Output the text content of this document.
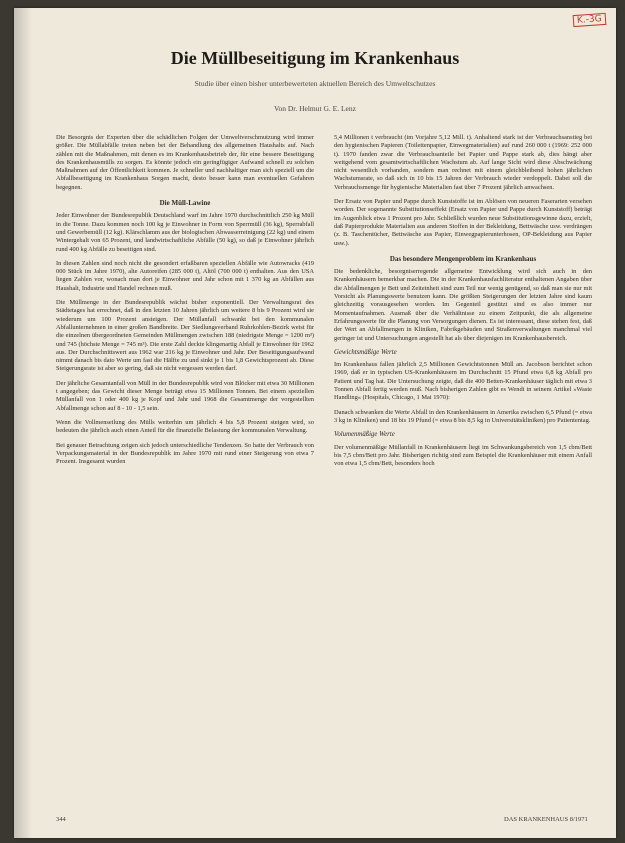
K.-3G
Die Müllbeseitigung im Krankenhaus
Studie über einen bisher unterbewerteten aktuellen Bereich des Umweltschutzes
Von Dr. Helmut G. E. Lenz

Die Besorgnis der Experten über die schädlichen Folgen der Umweltverschmutzung wird immer größer. Die Müllabfälle treten neben bei der Behandlung des allgemeinen Haushalts auf. Nach zählen mit die Maßnahmen, mit denen es im Krankenhausbetrieb der, für eine bessere Beseitigung des Krankenhausmülls zu sorgen. Es könnte jedoch ein geringfügiger Aufwand schnell zu solchen Maßnahmen auf der Öffentlichkeit kommen. Je schneller und nachhaltiger man sich speziell um die Abfallbeseitigung im Krankenhaus Sorgen macht, desto besser kann man eventuellen Gefahren begegnen.

Die Müll-Lawine

Jeder Einwohner der Bundesrepublik Deutschland warf im Jahre 1970 durchschnittlich 250 kg Müll in die Tonne. Dazu kommen noch 100 kg je Einwohner in Form von Sperrmüll (36 kg), Sperrabfall und Gewerbemüll (12 kg). Klärschlamm aus der biologischen Abwasserreinigung (22 kg) und einem Wintergehalt von 65 Prozent, und landwirtschaftliche Abfälle (50 kg), so daß je Einwohner jährlich rund 400 kg Abfälle zu beseitigen sind.

In diesen Zahlen sind noch nicht die gesondert erfaßbaren speziellen Abfälle wie Autowracks (419 000 Stück im Jahre 1970), alte Autoreifen (285 000 t), Altöl (700 000 t) enthalten. Aus den USA liegen Zahlen vor, wonach man dort je Einwohner und Jahr schon mit 1 370 kg an Abfällen aus Haushalt, Industrie und Handel rechnen muß.

Die Müllmenge in der Bundesrepublik wächst bisher exponentiell. Der Verwaltungsrat des Städtetages hat errechnet, daß in den letzten 10 Jahren jährlich um weitere 8 bis 9 Prozent wird sie wiederum um 100 Prozent ansteigen. Der Müllanfall schwankt bei den kommunalen Abfallunternehmen in einer großen Bandbreite. Der Siedlungsverband Ruhrkohlen-Bezirk weist für die einzelnen übergeordneten Gemeinden Müllmengen zwischen 188 (niedrigste Menge = 1200 m³) und 745 (höchste Menge = 745 m³). Die erste Zahl deckte klingenartig Abfall je Einwohner für 1962 aus. Der Durchschnittswert aus 1962 war 216 kg je Einwohner und Jahr. Der Beseitigungsaufwand nimmt danach bis dato Werte um fast die Hälfte zu und sinkt je 1 bis 1,8 Gewichtsprozent ab. Diese Steigerungsrate ist aber so gering, daß sie nicht vergessen werden darf.

Der jährliche Gesamtanfall von Müll in der Bundesrepublik wird von Blöcker mit etwa 30 Millionen t angegeben; das Gewicht dieser Menge beträgt etwa 15 Millionen Tonnen. Bei einem speziellen Müllanfall von 1 oder 400 kg je Kopf und Jahr und 1968 die Gesamtmenge der vorgestellten Abfallmenge schon auf 8 - 10 - 1,5 sein.

Wenn die Vollmenseilung des Mülls weiterhin um jährlich 4 bis 5,8 Prozent steigen wird, so bedeuten die jährlich auch einen Anteil für die finanzielle Belastung der kommunalen Verwaltung.

Bei genauer Betrachtung zeigen sich jedoch unterschiedliche Tendenzen. So hatte der Verbrauch von Verpackungsmaterial in der Bundesrepublik im Jahre 1970 mit rund einer Steigerung von etwa 7 Prozent. Insgesamt wurden

5,4 Millionen t verbraucht (im Vorjahre 5,12 Mill. t). Anhaltend stark ist der Verbrauchsanstieg bei den hygienischen Papieren (Toilettenpapier, Einwegmaterialien) auf rund 260 000 t (1969: 252 000 t). 1970 fanden zwar die Verbrauchsanteile bei Papier und Pappe stark ab, dies hängt aber weitgehend vom gesamtwirtschaftlichen Wachstum ab. Auf lange Sicht wird diese Abschwächung nicht wesentlich vorhanden, sondern man rechnet mit einem gleichbleibend hohen jährlichen Wachstumsrate, so daß sich in 10 bis 15 Jahren der Verbrauch wieder verdoppelt. Dabei soll die Verbrauchsmenge für hygienische Materialien fast über 7 Prozent jährlich anwachsen.

Der Ersatz von Papier und Pappe durch Kunststoffe ist im Ablösen von neueren Faserarten versehen worden. Der sogenannte Substitutionseffekt (Ersatz von Papier und Pappe durch Kunststoff) beträgt im Augenblick etwa 1 Prozent pro Jahr. Schließlich wurden neue Substitutionsgewinne dazu, erzielt, daß Papierprodukte Materialien aus anderen Stoffen in der Bekleidung, Bettwäsche usw. verdrängen (z. B. Taschentücher, Bettwäsche aus Papier, Einwegpapierunterhosen, OP-Bekleidung aus Papier usw.).

Das besondere Mengenproblem im Krankenhaus

Die bedenkliche, besorgniserregende allgemeine Entwicklung wird sich auch in den Krankenhäusern bemerkbar machen. Die in der Krankenhausfachliteratur enthaltenen Angaben über die Abfallmengen je Bett und Zeiteinheit sind zum Teil nur wenig genügend, so daß man sie nur mit Vorsicht als Planungswerte benutzen kann. Die größten Steigerungen der letzten Jahre sind kaum gleichzeitig vorausgesehen worden. Im Gegenteil gestützt sind es also immer nur Momentaufnahmen. Ausmaß über die Verhältnisse zu einem Zeitpunkt, die als allgemeine Erfahrungswerte für die Planung von Versorgungen dienen. Es ist interessant, diese stehen fest, daß der Wert an Abfallmengen in Kliniken, Fabrikgebäuden und Straßenverwaltungen manchmal viel geringer ist und Untersuchungen angestellt hat als über diejenigen im Krankenhausbereich.

Gewichtsmäßige Werte

Im Krankenhaus fallen jährlich 2,5 Millionen Gewichtstonnen Müll an. Jacobson berichtet schon 1969, daß er in typischen US-Krankenhäusern im Durchschnitt 15 Pfund etwa 6,8 kg Abfall pro Patient und Tag hat. Die Untersuchung zeigte, daß die 400 Betten-Krankenhäuser täglich mit etwa 3 Tonnen Abfall fertig werden muß. Nach bisherigen Zahlen gibt es Wendt in seinem Artikel »Waste Handling« (Hospitals, Chicago, 1 Mai 1970):

Danach schwanken die Werte Abfall in den Krankenhäusern in Amerika zwischen 6,5 Pfund (= etwa 3 kg in Kliniken) und 18 bis 19 Pfund (= etwa 8 bis 8,5 kg in Universitätskliniken) pro Patiententag.

Volumenmäßige Werte

Der volumenmäßige Müllanfall in Krankenhäusern liegt im Schwankungsbereich von 1,5 cbm/Bett bis 7,5 cbm/Bett pro Jahr. Bisherigen richtig sind zum Beispiel die Krankenhäuser mit einem Anfall von etwa 1,5 cbm/Bett, besonders hoch

344	DAS KRANKENHAUS 8/1971
